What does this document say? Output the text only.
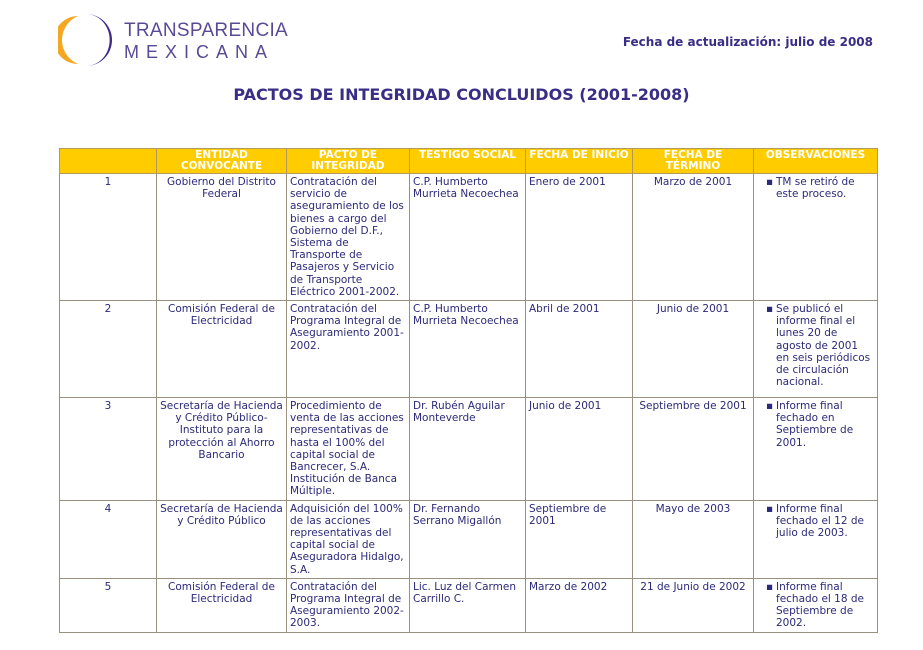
TRANSPARENCIA
MEXICANA	Fecha de actualización: julio de 2008
PACTOS DE INTEGRIDAD CONCLUIDOS (2001-2008)
	ENTIDAD CONVOCANTE	PACTO DE INTEGRIDAD	TESTIGO SOCIAL	FECHA DE INICIO	FECHA DE TÉRMINO	OBSERVACIONES
1	Gobierno del Distrito Federal	Contratación del servicio de aseguramiento de los bienes a cargo del Gobierno del D.F., Sistema de Transporte de Pasajeros y Servicio de Transporte Eléctrico 2001-2002.	C.P. Humberto Murrieta Necoechea	Enero de 2001	Marzo de 2001	▪ TM se retiró de este proceso.
2	Comisión Federal de Electricidad	Contratación del Programa Integral de Aseguramiento 2001-2002.	C.P. Humberto Murrieta Necoechea	Abril de 2001	Junio de 2001	▪ Se publicó el informe final el lunes 20 de agosto de 2001 en seis periódicos de circulación nacional.
3	Secretaría de Hacienda y Crédito Público-Instituto para la protección al Ahorro Bancario	Procedimiento de venta de las acciones representativas de hasta el 100% del capital social de Bancrecer, S.A. Institución de Banca Múltiple.	Dr. Rubén Aguilar Monteverde	Junio de 2001	Septiembre de 2001	▪ Informe final fechado en Septiembre de 2001.
4	Secretaría de Hacienda y Crédito Público	Adquisición del 100% de las acciones representativas del capital social de Aseguradora Hidalgo, S.A.	Dr. Fernando Serrano Migallón	Septiembre de 2001	Mayo de 2003	▪ Informe final fechado el 12 de julio de 2003.
5	Comisión Federal de Electricidad	Contratación del Programa Integral de Aseguramiento 2002-2003.	Lic. Luz del Carmen Carrillo C.	Marzo de 2002	21 de Junio de 2002	▪ Informe final fechado el 18 de Septiembre de 2002.
